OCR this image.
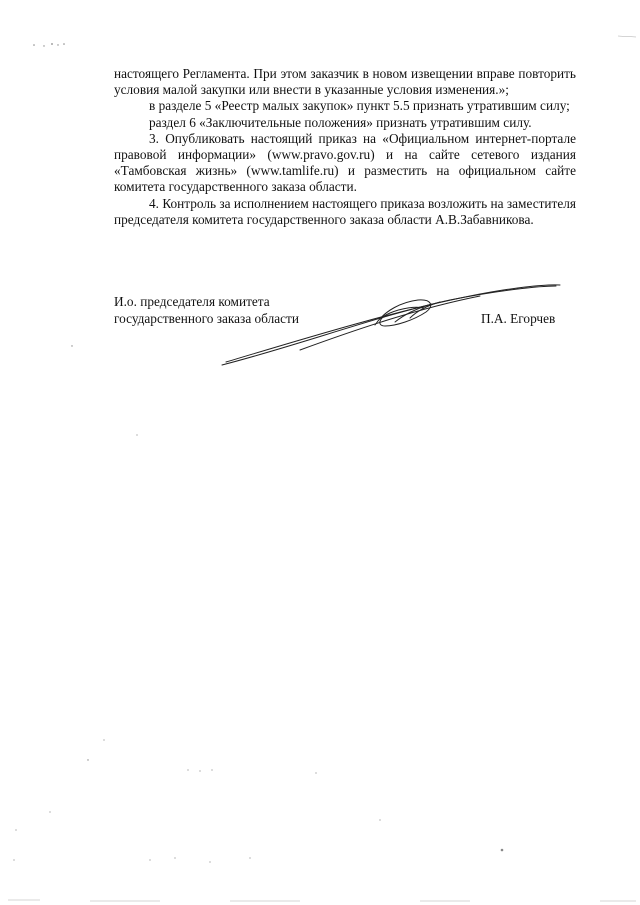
настоящего Регламента. При этом заказчик в новом извещении вправе повторить условия малой закупки или внести в указанные условия изменения.»;

в разделе 5 «Реестр малых закупок» пункт 5.5 признать утратившим силу;

раздел 6 «Заключительные положения» признать утратившим силу.

3. Опубликовать настоящий приказ на «Официальном интернет-портале правовой информации» (www.pravo.gov.ru) и на сайте сетевого издания «Тамбовская жизнь» (www.tamlife.ru) и разместить на официальном сайте комитета государственного заказа области.

4. Контроль за исполнением настоящего приказа возложить на заместителя председателя комитета государственного заказа области А.В.Забавникова.

И.о. председателя комитета
государственного заказа области	П.А. Егорчев
